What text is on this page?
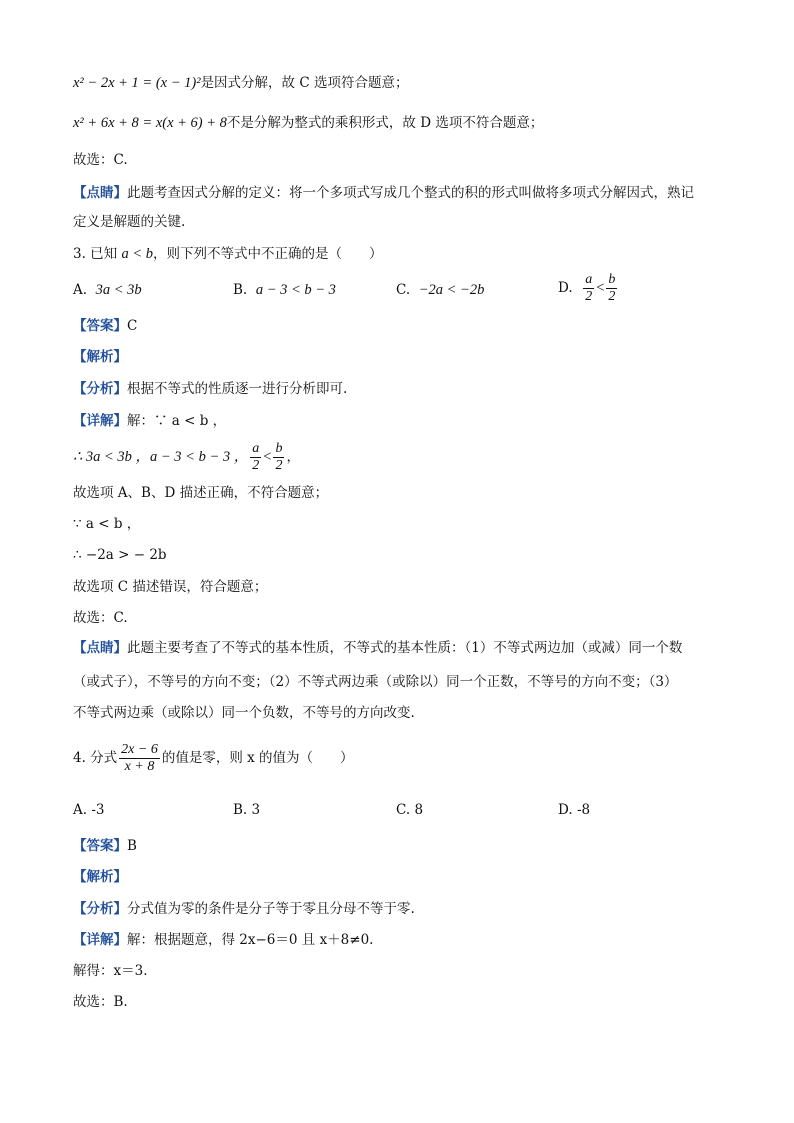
x² − 2x + 1 = (x − 1)²是因式分解，故 C 选项符合题意；
x² + 6x + 8 = x(x + 6) + 8不是分解为整式的乘积形式，故 D 选项不符合题意；
故选：C.
【点睛】此题考查因式分解的定义：将一个多项式写成几个整式的积的形式叫做将多项式分解因式，熟记
定义是解题的关键.
3. 已知 a < b，则下列不等式中不正确的是（　　）
A. 3a < 3b	B. a − 3 < b − 3	C. −2a < −2b	D. $\frac{a}{2} < \frac{b}{2}$
【答案】C
【解析】
【分析】根据不等式的性质逐一进行分析即可.
【详解】解：∵ a < b ，
∴ 3a < 3b ，a − 3 < b − 3 ， $\frac{a}{2} < \frac{b}{2}$ ，
故选项 A、B、D 描述正确，不符合题意；
∵ a < b ，
∴ −2a > − 2b
故选项 C 描述错误，符合题意；
故选：C.
【点睛】此题主要考查了不等式的基本性质，不等式的基本性质：（1）不等式两边加（或减）同一个数
（或式子），不等号的方向不变；（2）不等式两边乘（或除以）同一个正数，不等号的方向不变；（3）
不等式两边乘（或除以）同一个负数，不等号的方向改变.
4. 分式 $\frac{2x - 6}{x + 8}$ 的值是零，则 x 的值为（　　）
A. -3	B. 3	C. 8	D. -8
【答案】B
【解析】
【分析】分式值为零的条件是分子等于零且分母不等于零.
【详解】解：根据题意，得 2x−6＝0 且 x＋8≠0.
解得：x＝3.
故选：B.
